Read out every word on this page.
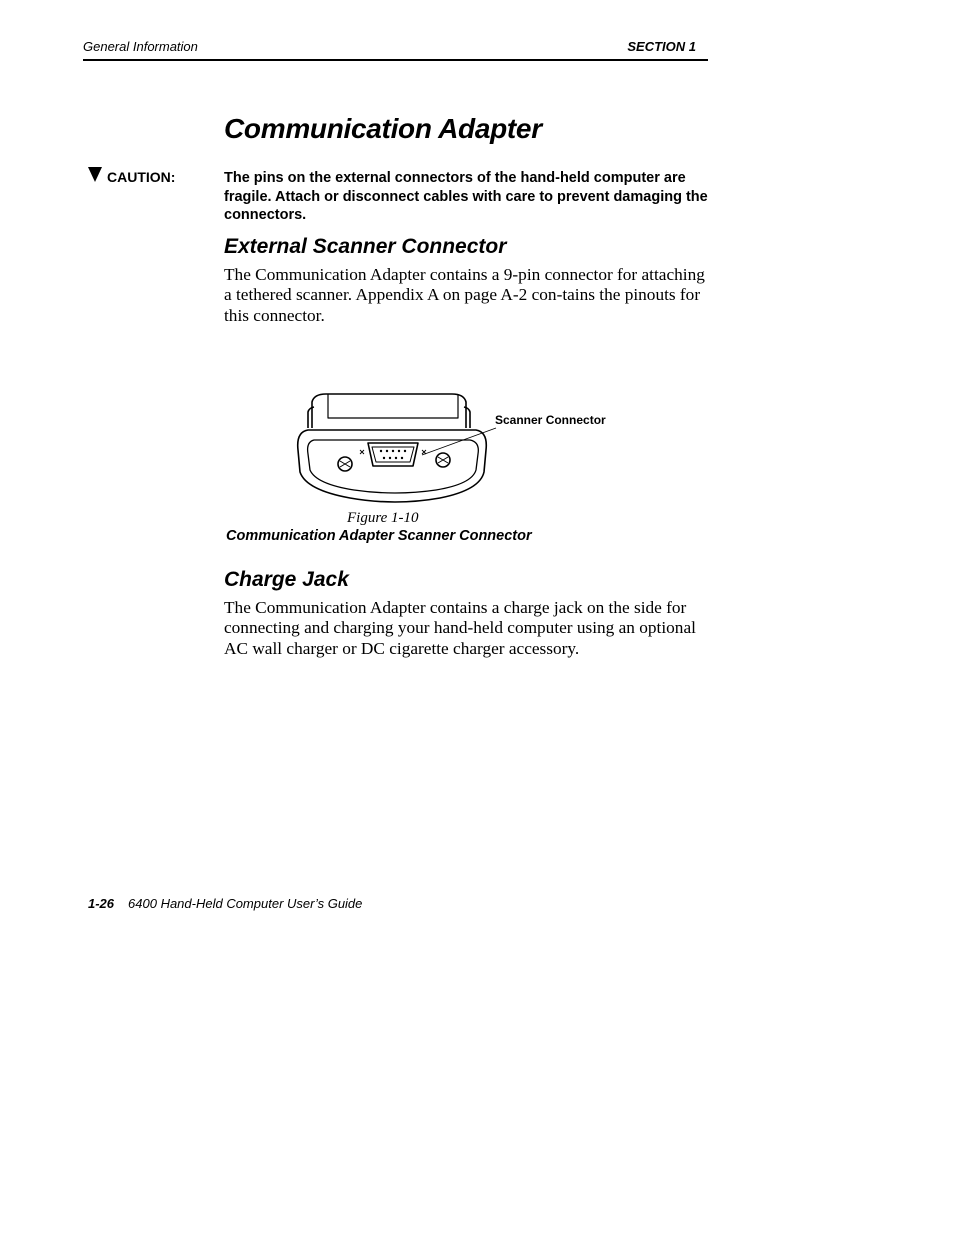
General Information	SECTION 1
Communication Adapter
CAUTION:	The pins on the external connectors of the hand-held computer are fragile. Attach or disconnect cables with care to prevent damaging the connectors.
External Scanner Connector

The Communication Adapter contains a 9-pin connector for attaching a tethered scanner. Appendix A on page A-2 con-tains the pinouts for this connector.

Scanner Connector
Figure 1-10
Communication Adapter Scanner Connector
Charge Jack

The Communication Adapter contains a charge jack on the side for connecting and charging your hand-held computer using an optional AC wall charger or DC cigarette charger accessory.

1-26 6400 Hand-Held Computer User’s Guide
